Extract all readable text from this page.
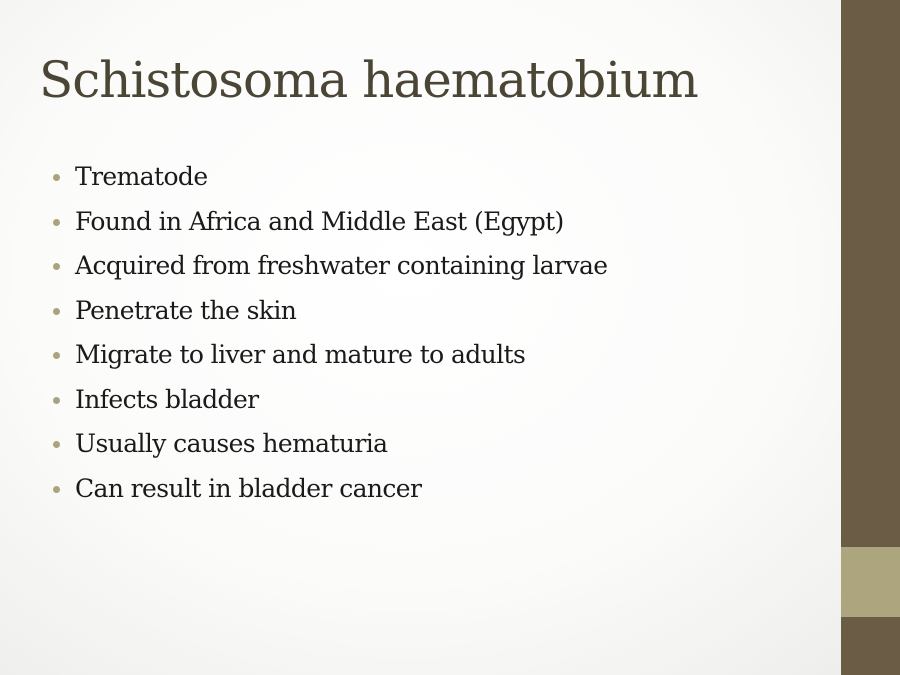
Schistosoma haematobium
Trematode
Found in Africa and Middle East (Egypt)
Acquired from freshwater containing larvae
Penetrate the skin
Migrate to liver and mature to adults
Infects bladder
Usually causes hematuria
Can result in bladder cancer
